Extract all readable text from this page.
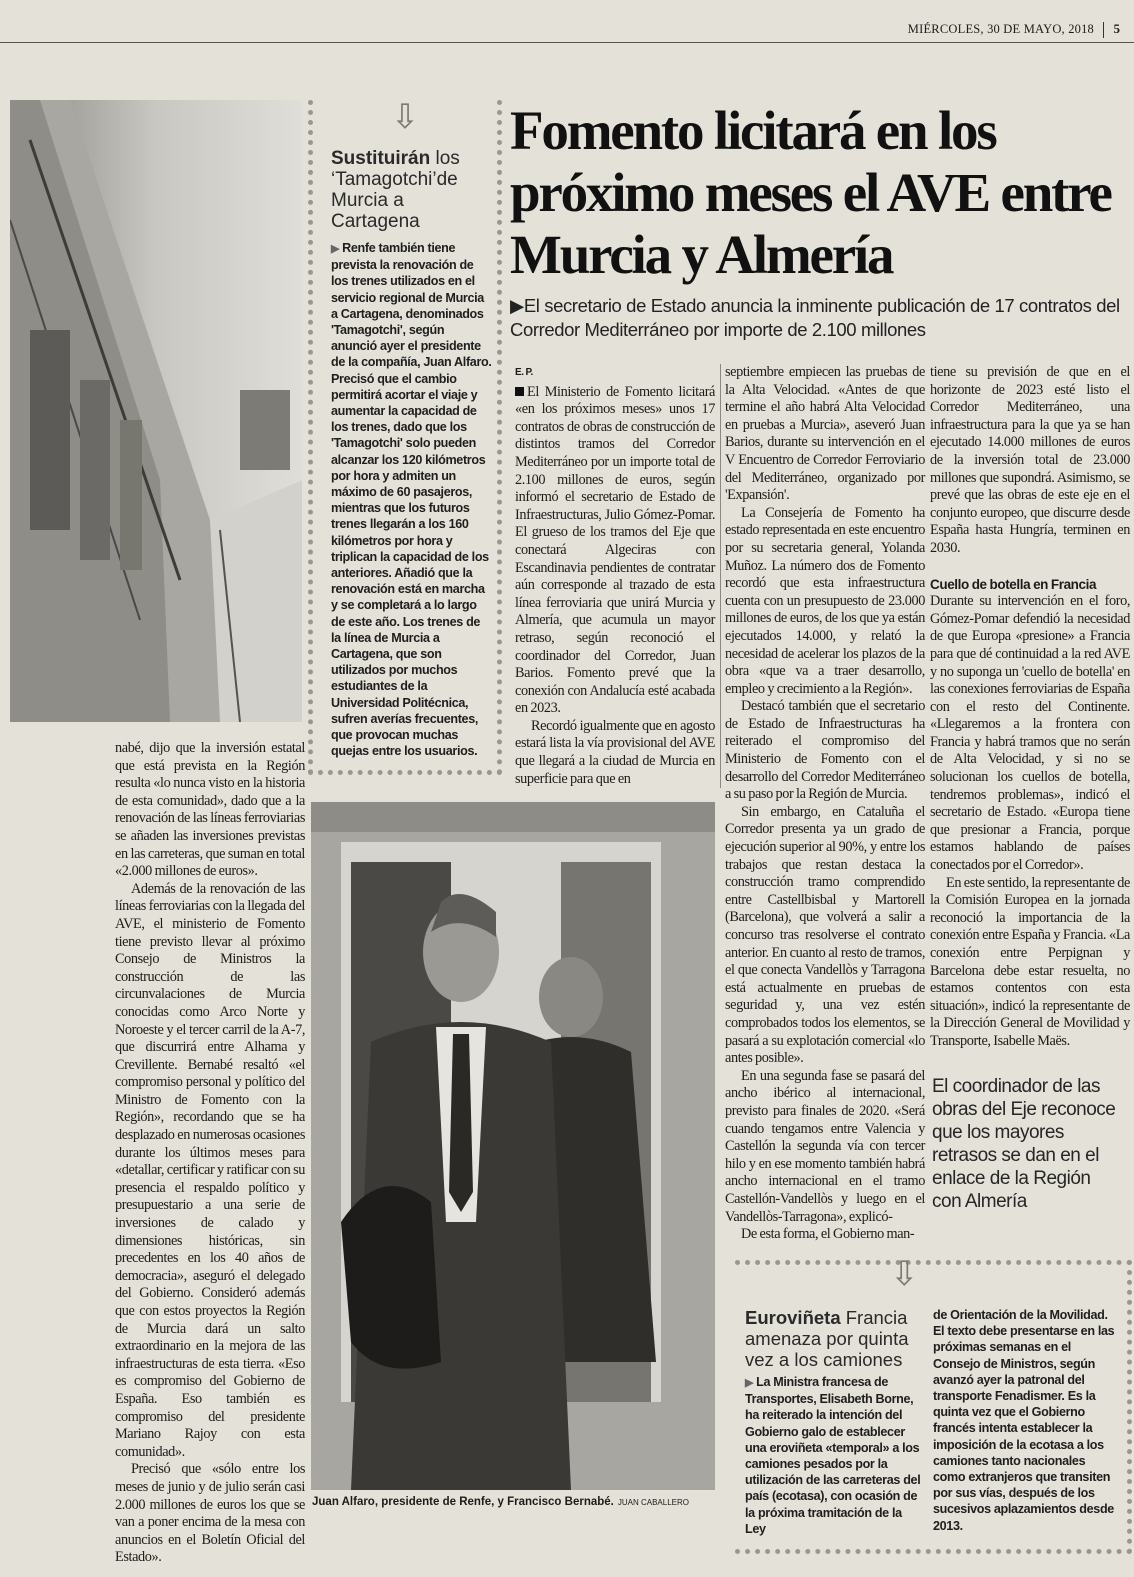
MIÉRCOLES, 30 DE MAYO, 2018 5
⇩
Sustituirán los ‘Tamagotchi’de Murcia a Cartagena
▶ Renfe también tiene prevista la renovación de los trenes utilizados en el servicio regional de Murcia a Cartagena, denominados 'Tamagotchi', según anunció ayer el presidente de la compañía, Juan Alfaro. Precisó que el cambio permitirá acortar el viaje y aumentar la capacidad de los trenes, dado que los 'Tamagotchi' solo pueden alcanzar los 120 kilómetros por hora y admiten un máximo de 60 pasajeros, mientras que los futuros trenes llegarán a los 160 kilómetros por hora y triplican la capacidad de los anteriores. Añadió que la renovación está en marcha y se completará a lo largo de este año. Los trenes de la línea de Murcia a Cartagena, que son utilizados por muchos estudiantes de la Universidad Politécnica, sufren averías frecuentes, que provocan muchas quejas entre los usuarios.
Fomento licitará en los próximo meses el AVE entre Murcia y Almería
▶El secretario de Estado anuncia la inminente publicación de 17 contratos del Corredor Mediterráneo por importe de 2.100 millones
E. P.

El Ministerio de Fomento licitará «en los próximos meses» unos 17 contratos de obras de construcción de distintos tramos del Corredor Mediterráneo por un importe total de 2.100 millones de euros, según informó el secretario de Estado de Infraestructuras, Julio Gómez-Pomar. El grueso de los tramos del Eje que conectará Algeciras con Escandinavia pendientes de contratar aún corresponde al trazado de esta línea ferroviaria que unirá Murcia y Almería, que acumula un mayor retraso, según reconoció el coordinador del Corredor, Juan Barios. Fomento prevé que la conexión con Andalucía esté acabada en 2023.

Recordó igualmente que en agosto estará lista la vía provisional del AVE que llegará a la ciudad de Murcia en superficie para que en

septiembre empiecen las pruebas de la Alta Velocidad. «Antes de que termine el año habrá Alta Velocidad en pruebas a Murcia», aseveró Juan Barios, durante su intervención en el V Encuentro de Corredor Ferroviario del Mediterráneo, organizado por 'Expansión'.

La Consejería de Fomento ha estado representada en este encuentro por su secretaria general, Yolanda Muñoz. La número dos de Fomento recordó que esta infraestructura cuenta con un presupuesto de 23.000 millones de euros, de los que ya están ejecutados 14.000, y relató la necesidad de acelerar los plazos de la obra «que va a traer desarrollo, empleo y crecimiento a la Región».

Destacó también que el secretario de Estado de Infraestructuras ha reiterado el compromiso del Ministerio de Fomento con el desarrollo del Corredor Mediterráneo a su paso por la Región de Murcia.

Sin embargo, en Cataluña el Corredor presenta ya un grado de ejecución superior al 90%, y entre los trabajos que restan destaca la construcción tramo comprendido entre Castellbisbal y Martorell (Barcelona), que volverá a salir a concurso tras resolverse el contrato anterior. En cuanto al resto de tramos, el que conecta Vandellòs y Tarragona está actualmente en pruebas de seguridad y, una vez estén comprobados todos los elementos, se pasará a su explotación comercial «lo antes posible».

En una segunda fase se pasará del ancho ibérico al internacional, previsto para finales de 2020. «Será cuando tengamos entre Valencia y Castellón la segunda vía con tercer hilo y en ese momento también habrá ancho internacional en el tramo Castellón-Vandellòs y luego en el Vandellòs-Tarragona», explicó-

De esta forma, el Gobierno man-

tiene su previsión de que en el horizonte de 2023 esté listo el Corredor Mediterráneo, una infraestructura para la que ya se han ejecutado 14.000 millones de euros de la inversión total de 23.000 millones que supondrá. Asimismo, se prevé que las obras de este eje en el conjunto europeo, que discurre desde España hasta Hungría, terminen en 2030.

Cuello de botella en Francia

Durante su intervención en el foro, Gómez-Pomar defendió la necesidad de que Europa «presione» a Francia para que dé continuidad a la red AVE y no suponga un 'cuello de botella' en las conexiones ferroviarias de España con el resto del Continente. «Llegaremos a la frontera con Francia y habrá tramos que no serán de Alta Velocidad, y si no se solucionan los cuellos de botella, tendremos problemas», indicó el secretario de Estado. «Europa tiene que presionar a Francia, porque estamos hablando de países conectados por el Corredor».

En este sentido, la representante de la Comisión Europea en la jornada reconoció la importancia de la conexión entre España y Francia. «La conexión entre Perpignan y Barcelona debe estar resuelta, no estamos contentos con esta situación», indicó la representante de la Dirección General de Movilidad y Transporte, Isabelle Maës.

El coordinador de las obras del Eje reconoce que los mayores retrasos se dan en el enlace de la Región con Almería

nabé, dijo que la inversión estatal que está prevista en la Región resulta «lo nunca visto en la historia de esta comunidad», dado que a la renovación de las líneas ferroviarias se añaden las inversiones previstas en las carreteras, que suman en total «2.000 millones de euros».

Además de la renovación de las líneas ferroviarias con la llegada del AVE, el ministerio de Fomento tiene previsto llevar al próximo Consejo de Ministros la construcción de las circunvalaciones de Murcia conocidas como Arco Norte y Noroeste y el tercer carril de la A-7, que discurrirá entre Alhama y Crevillente. Bernabé resaltó «el compromiso personal y político del Ministro de Fomento con la Región», recordando que se ha desplazado en numerosas ocasiones durante los últimos meses para «detallar, certificar y ratificar con su presencia el respaldo político y presupuestario a una serie de inversiones de calado y dimensiones históricas, sin precedentes en los 40 años de democracia», aseguró el delegado del Gobierno. Consideró además que con estos proyectos la Región de Murcia dará un salto extraordinario en la mejora de las infraestructuras de esta tierra. «Eso es compromiso del Gobierno de España. Eso también es compromiso del presidente Mariano Rajoy con esta comunidad».

Precisó que «sólo entre los meses de junio y de julio serán casi 2.000 millones de euros los que se van a poner encima de la mesa con anuncios en el Boletín Oficial del Estado».

Juan Alfaro, presidente de Renfe, y Francisco Bernabé. JUAN CABALLERO
⇩
Euroviñeta Francia amenaza por quinta vez a los camiones
▶ La Ministra francesa de Transportes, Elisabeth Borne, ha reiterado la intención del Gobierno galo de establecer una eroviñeta «temporal» a los camiones pesados por la utilización de las carreteras del país (ecotasa), con ocasión de la próxima tramitación de la Ley
de Orientación de la Movilidad. El texto debe presentarse en las próximas semanas en el Consejo de Ministros, según avanzó ayer la patronal del transporte Fenadismer. Es la quinta vez que el Gobierno francés intenta establecer la imposición de la ecotasa a los camiones tanto nacionales como extranjeros que transiten por sus vías, después de los sucesivos aplazamientos desde 2013.
